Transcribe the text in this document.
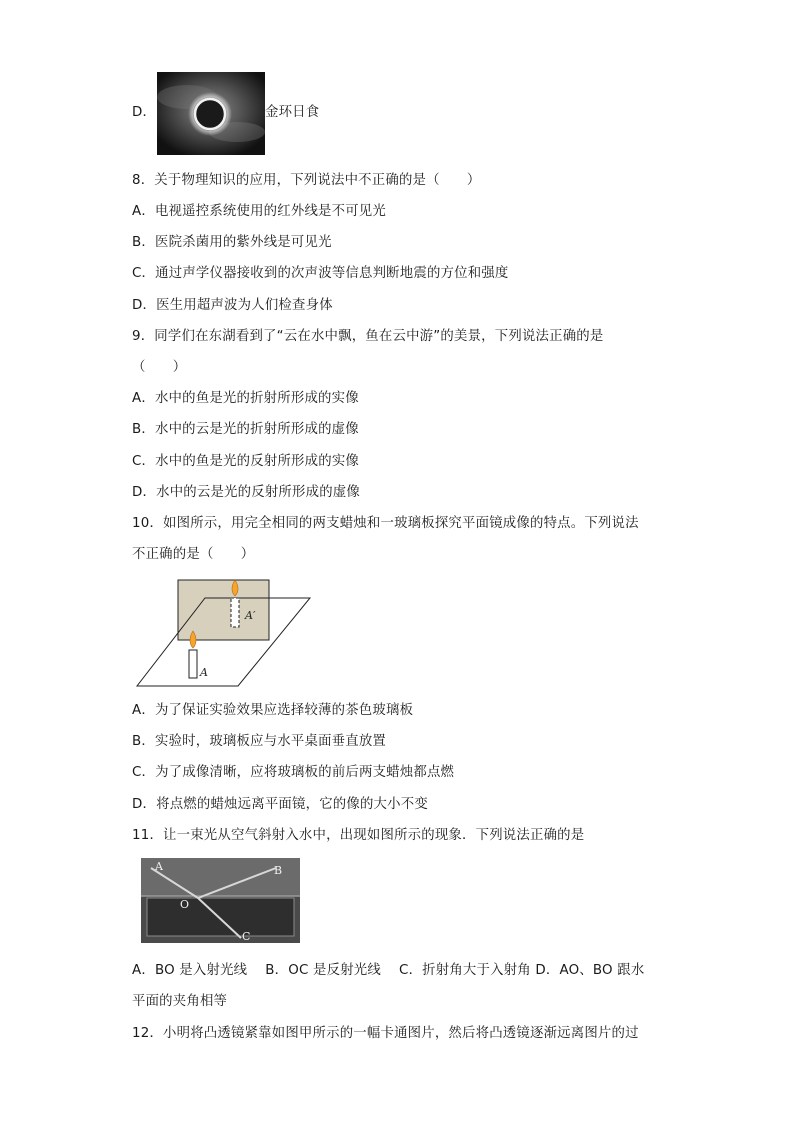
D．	金环日食
8．关于物理知识的应用，下列说法中不正确的是（　　）
A．电视遥控系统使用的红外线是不可见光
B．医院杀菌用的紫外线是可见光
C．通过声学仪器接收到的次声波等信息判断地震的方位和强度
D．医生用超声波为人们检查身体
9．同学们在东湖看到了“云在水中飘，鱼在云中游”的美景，下列说法正确的是
（　　）
A．水中的鱼是光的折射所形成的实像
B．水中的云是光的折射所形成的虚像
C．水中的鱼是光的反射所形成的实像
D．水中的云是光的反射所形成的虚像
10．如图所示，用完全相同的两支蜡烛和一玻璃板探究平面镜成像的特点。下列说法
不正确的是（　　）
A′
A
A．为了保证实验效果应选择较薄的茶色玻璃板
B．实验时，玻璃板应与水平桌面垂直放置
C．为了成像清晰，应将玻璃板的前后两支蜡烛都点燃
D．将点燃的蜡烛远离平面镜，它的像的大小不变
11．让一束光从空气斜射入水中，出现如图所示的现象．下列说法正确的是
A	B
O
C
A．BO 是入射光线　 B．OC 是反射光线　 C．折射角大于入射角 D．AO、BO 跟水
平面的夹角相等
12．小明将凸透镜紧靠如图甲所示的一幅卡通图片，然后将凸透镜逐渐远离图片的过
